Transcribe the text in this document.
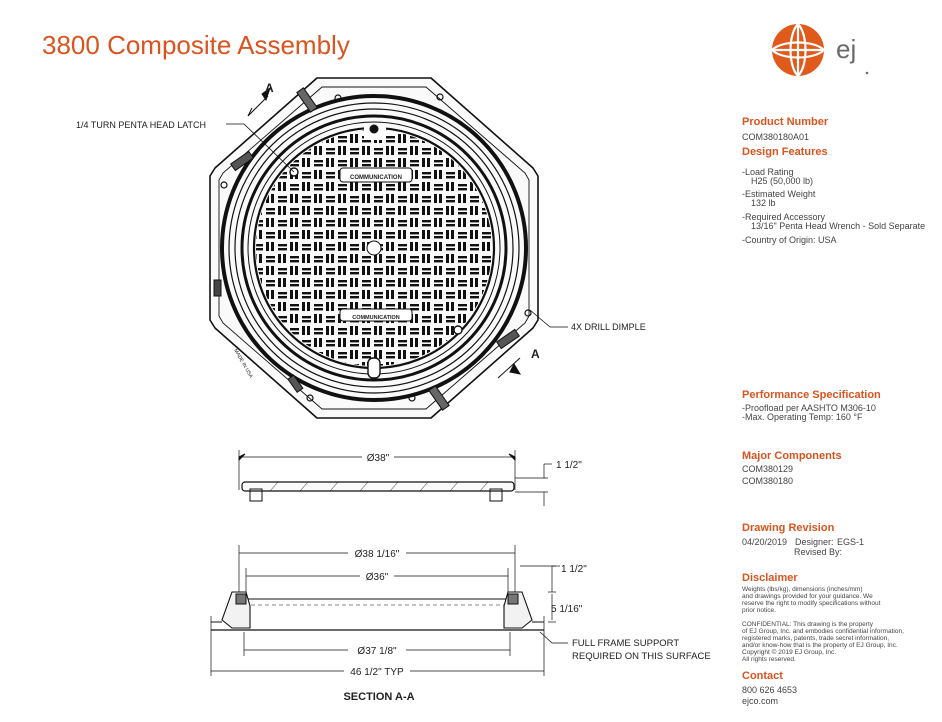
3800 Composite Assembly	ej
Product Number
COM380180A01
Design Features
-Load Rating
H25 (50,000 lb)
-Estimated Weight
132 lb
-Required Accessory
13/16" Penta Head Wrench - Sold Separate
-Country of Origin: USA
Performance Specification
-Proofload per AASHTO M306-10
-Max. Operating Temp: 160 °F
Major Components
COM380129
COM380180
Drawing Revision
04/20/2019 Designer: EGS-1
Revised By:
Disclaimer
Weights (lbs/kg), dimensions (inches/mm)
and drawings provided for your guidance. We
reserve the right to modify specifications without
prior notice.
CONFIDENTIAL: This drawing is the property
of EJ Group, Inc. and embodies confidential information,
registered marks, patents, trade secret information,
and/or know-how that is the property of EJ Group, Inc.
Copyright © 2019 EJ Group, Inc.
All rights reserved.
Contact
800 626 4653
ejco.com
COMMUNICATION
COMMUNICATION
MADE IN USA
1/4 TURN PENTA HEAD LATCH
4X DRILL DIMPLE
A
A
Ø38"
1 1/2"
Ø38 1/16"
Ø36"
1 1/2"
5 1/16"
Ø37 1/8"
46 1/2" TYP
FULL FRAME SUPPORT
REQUIRED ON THIS SURFACE
SECTION A-A
